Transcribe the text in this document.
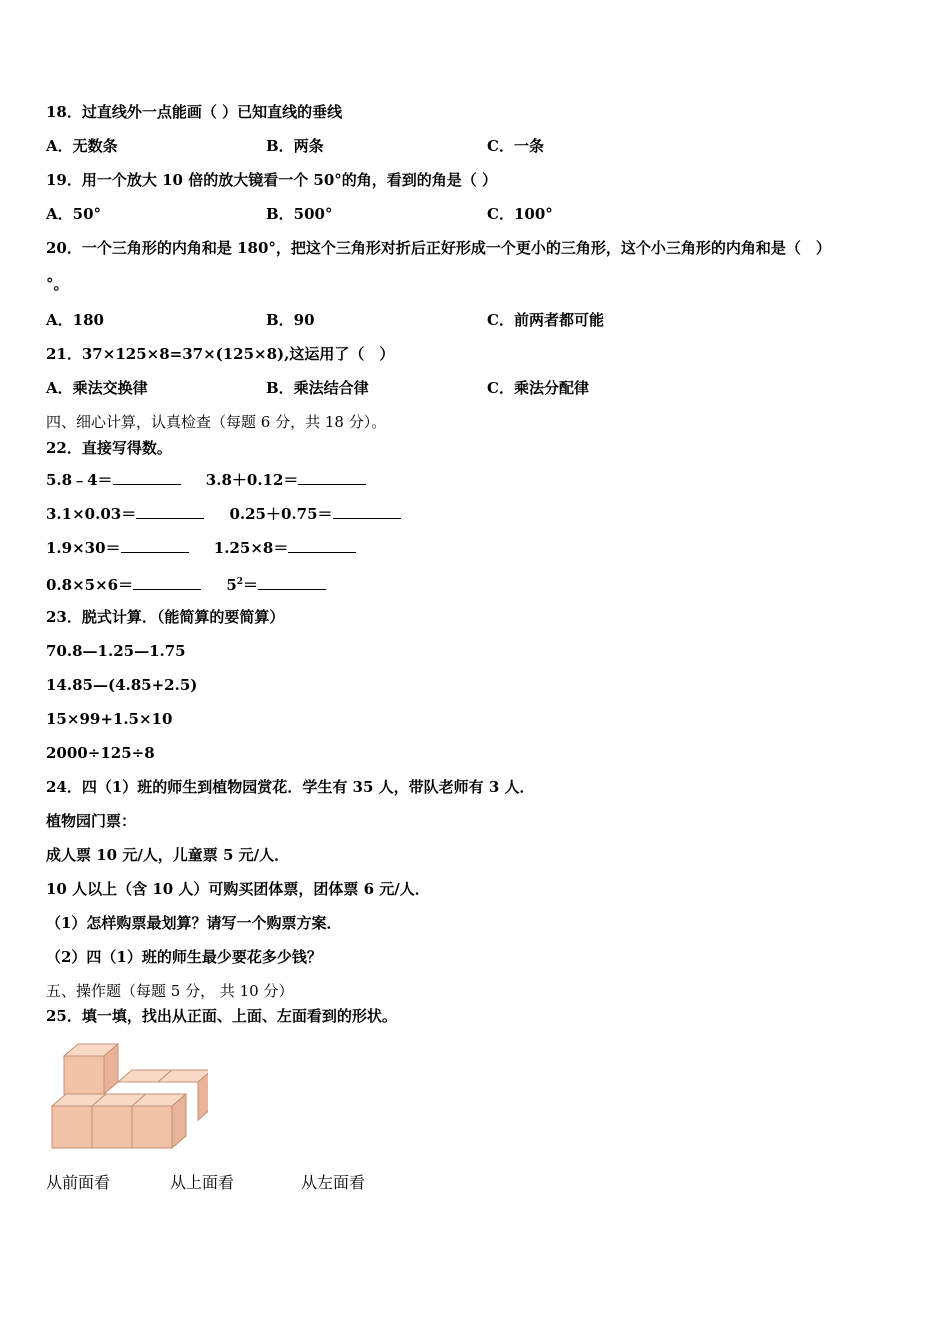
18．过直线外一点能画（ ）已知直线的垂线
A．无数条	B．两条	C．一条
19．用一个放大 10 倍的放大镜看一个 50°的角，看到的角是（ ）
A．50°	B．500°	C．100°
20．一个三角形的内角和是 180°，把这个三角形对折后正好形成一个更小的三角形，这个小三角形的内角和是（　）
°。
A．180	B．90	C．前两者都可能
21．37×125×8=37×(125×8),这运用了（　）
A．乘法交换律	B．乘法结合律	C．乘法分配律
四、细心计算，认真检查（每题 6 分，共 18 分）。
22．直接写得数。
5.8﹣4＝	3.8＋0.12＝
3.1×0.03＝	0.25＋0.75＝
1.9×30＝	1.25×8＝
0.8×5×6＝	$5^2=$
23．脱式计算．（能简算的要简算）
70.8—1.25—1.75
14.85—(4.85+2.5)
15×99+1.5×10
2000÷125÷8
24．四（1）班的师生到植物园赏花．学生有 35 人，带队老师有 3 人．
植物园门票：
成人票 10 元/人，儿童票 5 元/人．
10 人以上（含 10 人）可购买团体票，团体票 6 元/人．
（1）怎样购票最划算？请写一个购票方案．
（2）四（1）班的师生最少要花多少钱？
五、操作题（每题 5 分， 共 10 分）
25．填一填，找出从正面、上面、左面看到的形状。
从前面看	从上面看	从左面看
